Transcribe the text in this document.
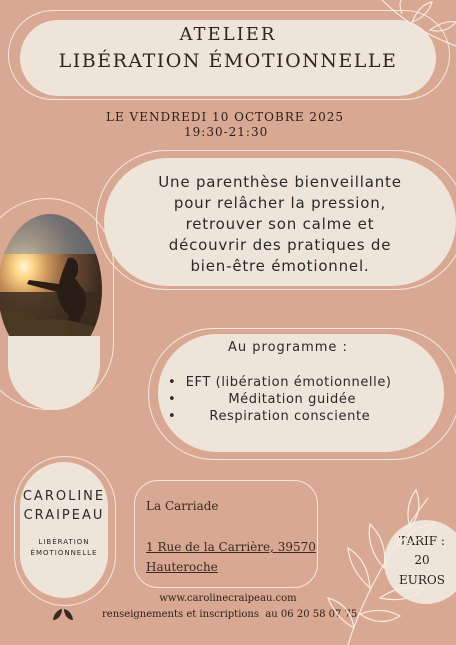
ATELIER
LIBÉRATION ÉMOTIONNELLE
LE VENDREDI 10 OCTOBRE 2025
19:30-21:30
Une parenthèse bienveillante
pour relâcher la pression,
retrouver son calme et
découvrir des pratiques de
bien-être émotionnel.
Au programme :
•  EFT (libération émotionnelle)
•           Méditation guidée
•       Respiration consciente
CAROLINE
CRAIPEAU
LIBÉRATION
ÉMOTIONNELLE
La Carriade
1 Rue de la Carrière, 39570
Hauteroche
TARIF :
20
EUROS
www.carolinecraipeau.com
renseignements et inscriptions  au 06 20 58 07 75
